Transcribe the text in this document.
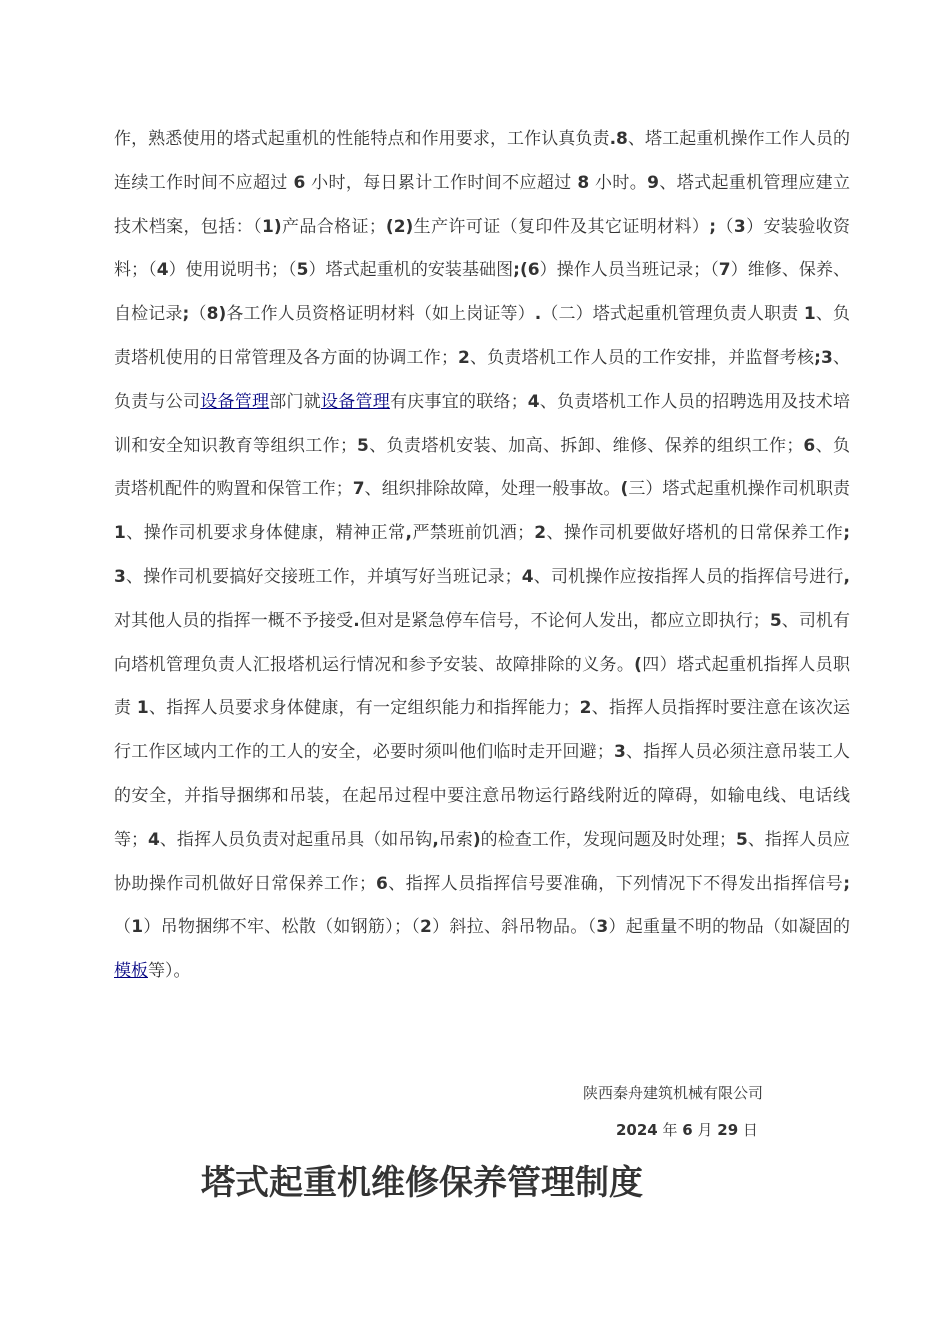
作，熟悉使用的塔式起重机的性能特点和作用要求，工作认真负责.8、塔工起重机操作工作人员的连续工作时间不应超过 6 小时，每日累计工作时间不应超过 8 小时。9、塔式起重机管理应建立技术档案，包括：（1)产品合格证；(2)生产许可证（复印件及其它证明材料）;（3）安装验收资料；（4）使用说明书；（5）塔式起重机的安装基础图;(6）操作人员当班记录；（7）维修、保养、自检记录;（8)各工作人员资格证明材料（如上岗证等）.（二）塔式起重机管理负责人职责 1、负责塔机使用的日常管理及各方面的协调工作；2、负责塔机工作人员的工作安排，并监督考核;3、负责与公司设备管理部门就设备管理有庆事宜的联络；4、负责塔机工作人员的招聘选用及技术培训和安全知识教育等组织工作；5、负责塔机安装、加高、拆卸、维修、保养的组织工作；6、负责塔机配件的购置和保管工作；7、组织排除故障，处理一般事故。(三）塔式起重机操作司机职责 1、操作司机要求身体健康，精神正常,严禁班前饥酒；2、操作司机要做好塔机的日常保养工作;3、操作司机要搞好交接班工作，并填写好当班记录；4、司机操作应按指挥人员的指挥信号进行,对其他人员的指挥一概不予接受.但对是紧急停车信号，不论何人发出，都应立即执行；5、司机有向塔机管理负责人汇报塔机运行情况和参予安装、故障排除的义务。(四）塔式起重机指挥人员职责 1、指挥人员要求身体健康，有一定组织能力和指挥能力；2、指挥人员指挥时要注意在该次运行工作区域内工作的工人的安全，必要时须叫他们临时走开回避；3、指挥人员必须注意吊装工人的安全，并指导捆绑和吊装，在起吊过程中要注意吊物运行路线附近的障碍，如输电线、电话线等；4、指挥人员负责对起重吊具（如吊钩,吊索)的检查工作，发现问题及时处理；5、指挥人员应协助操作司机做好日常保养工作；6、指挥人员指挥信号要准确，下列情况下不得发出指挥信号;（1）吊物捆绑不牢、松散（如钢筋）；（2）斜拉、斜吊物品。（3）起重量不明的物品（如凝固的模板等）。

陕西秦舟建筑机械有限公司
2024 年 6 月 29 日
塔式起重机维修保养管理制度
